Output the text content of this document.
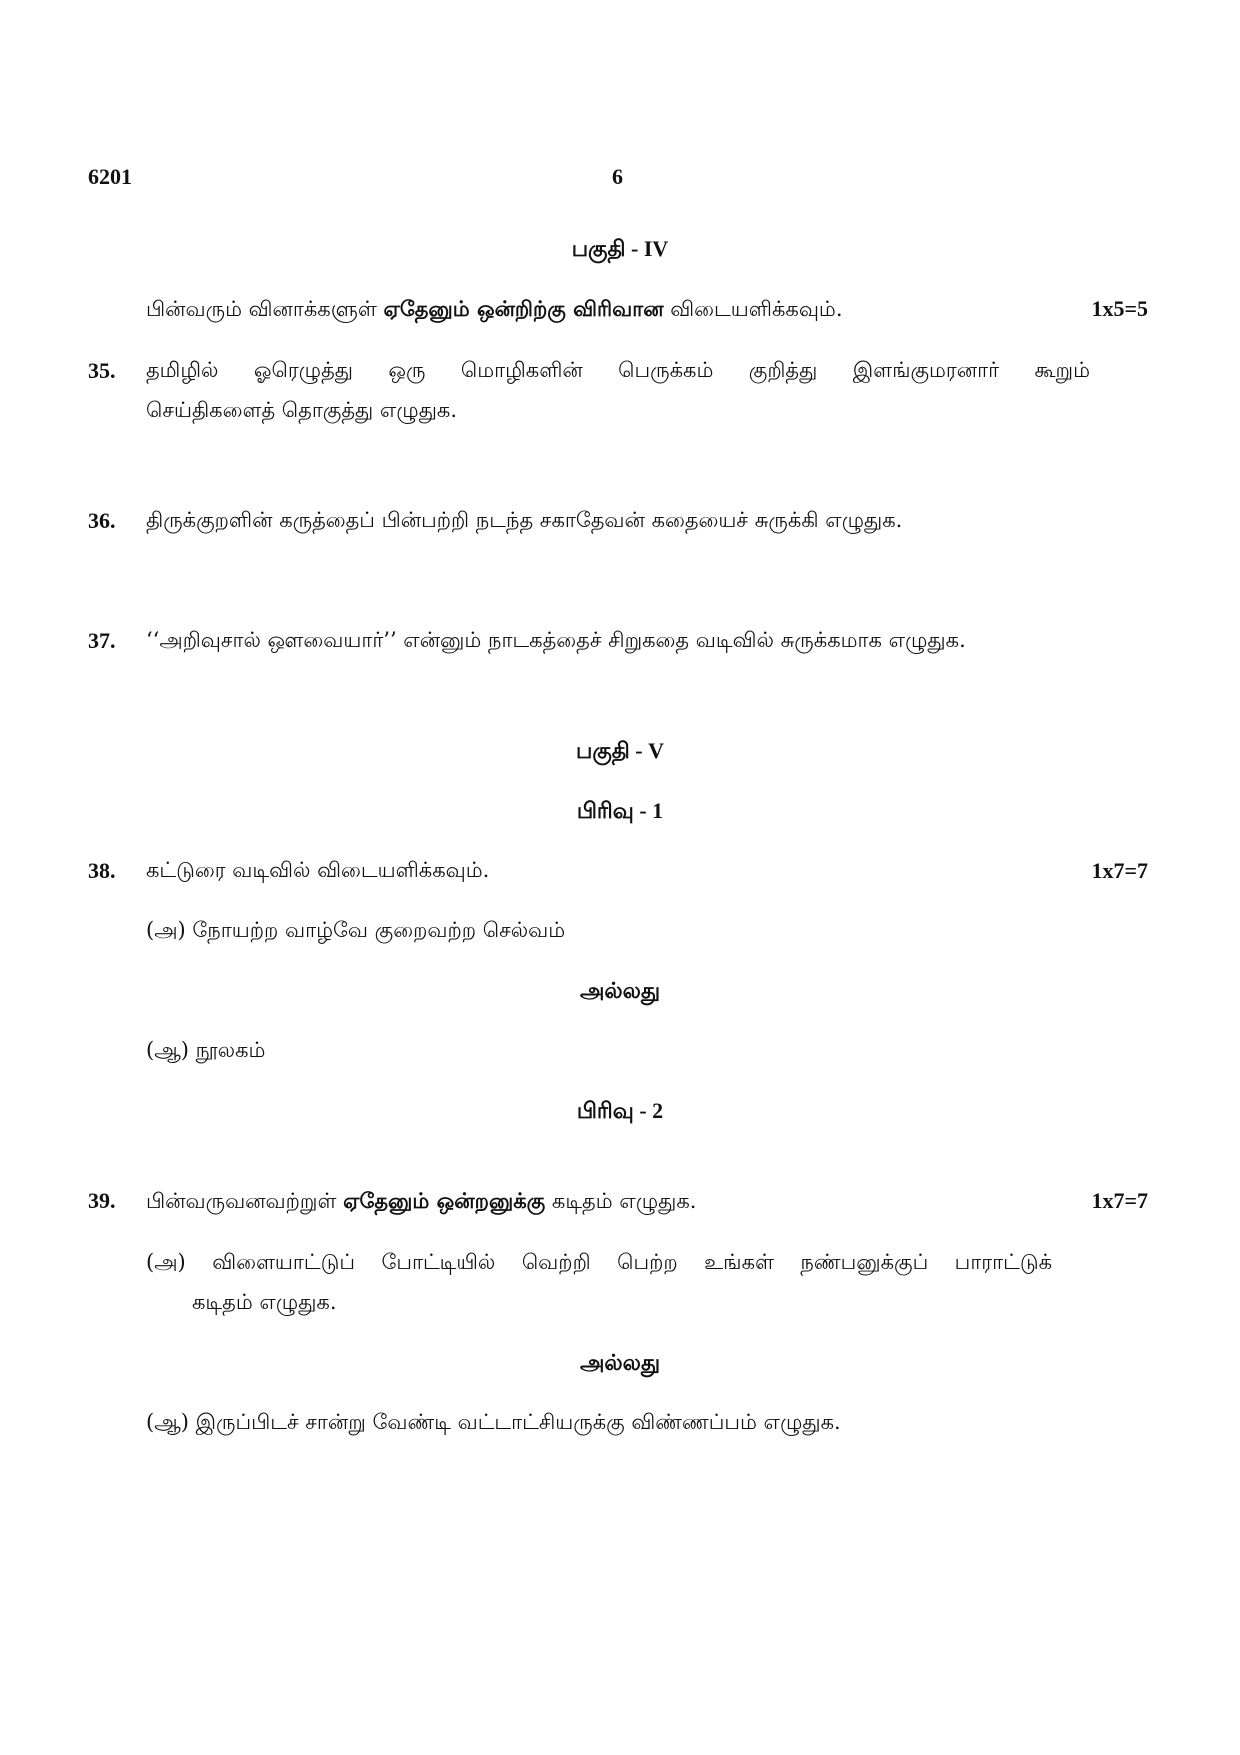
6201	6
பகுதி - IV
பின்வரும் வினாக்களுள் ஏதேனும் ஒன்றிற்கு விரிவான விடையளிக்கவும்.	1x5=5
35. தமிழில் ஓரெழுத்து ஒரு மொழிகளின் பெருக்கம் குறித்து இளங்குமரனார் கூறும்
செய்திகளைத் தொகுத்து எழுதுக.
36. திருக்குறளின் கருத்தைப் பின்பற்றி நடந்த சகாதேவன் கதையைச் சுருக்கி எழுதுக.
37. ‘‘அறிவுசால் ஔவையார்’’ என்னும் நாடகத்தைச் சிறுகதை வடிவில் சுருக்கமாக எழுதுக.
பகுதி - V
பிரிவு - 1
38. கட்டுரை வடிவில் விடையளிக்கவும்.	1x7=7
(அ) நோயற்ற வாழ்வே குறைவற்ற செல்வம்
அல்லது
(ஆ) நூலகம்
பிரிவு - 2
39. பின்வருவனவற்றுள் ஏதேனும் ஒன்றனுக்கு கடிதம் எழுதுக.	1x7=7
(அ) விளையாட்டுப் போட்டியில் வெற்றி பெற்ற உங்கள் நண்பனுக்குப் பாராட்டுக்
கடிதம் எழுதுக.
அல்லது
(ஆ) இருப்பிடச் சான்று வேண்டி வட்டாட்சியருக்கு விண்ணப்பம் எழுதுக.
